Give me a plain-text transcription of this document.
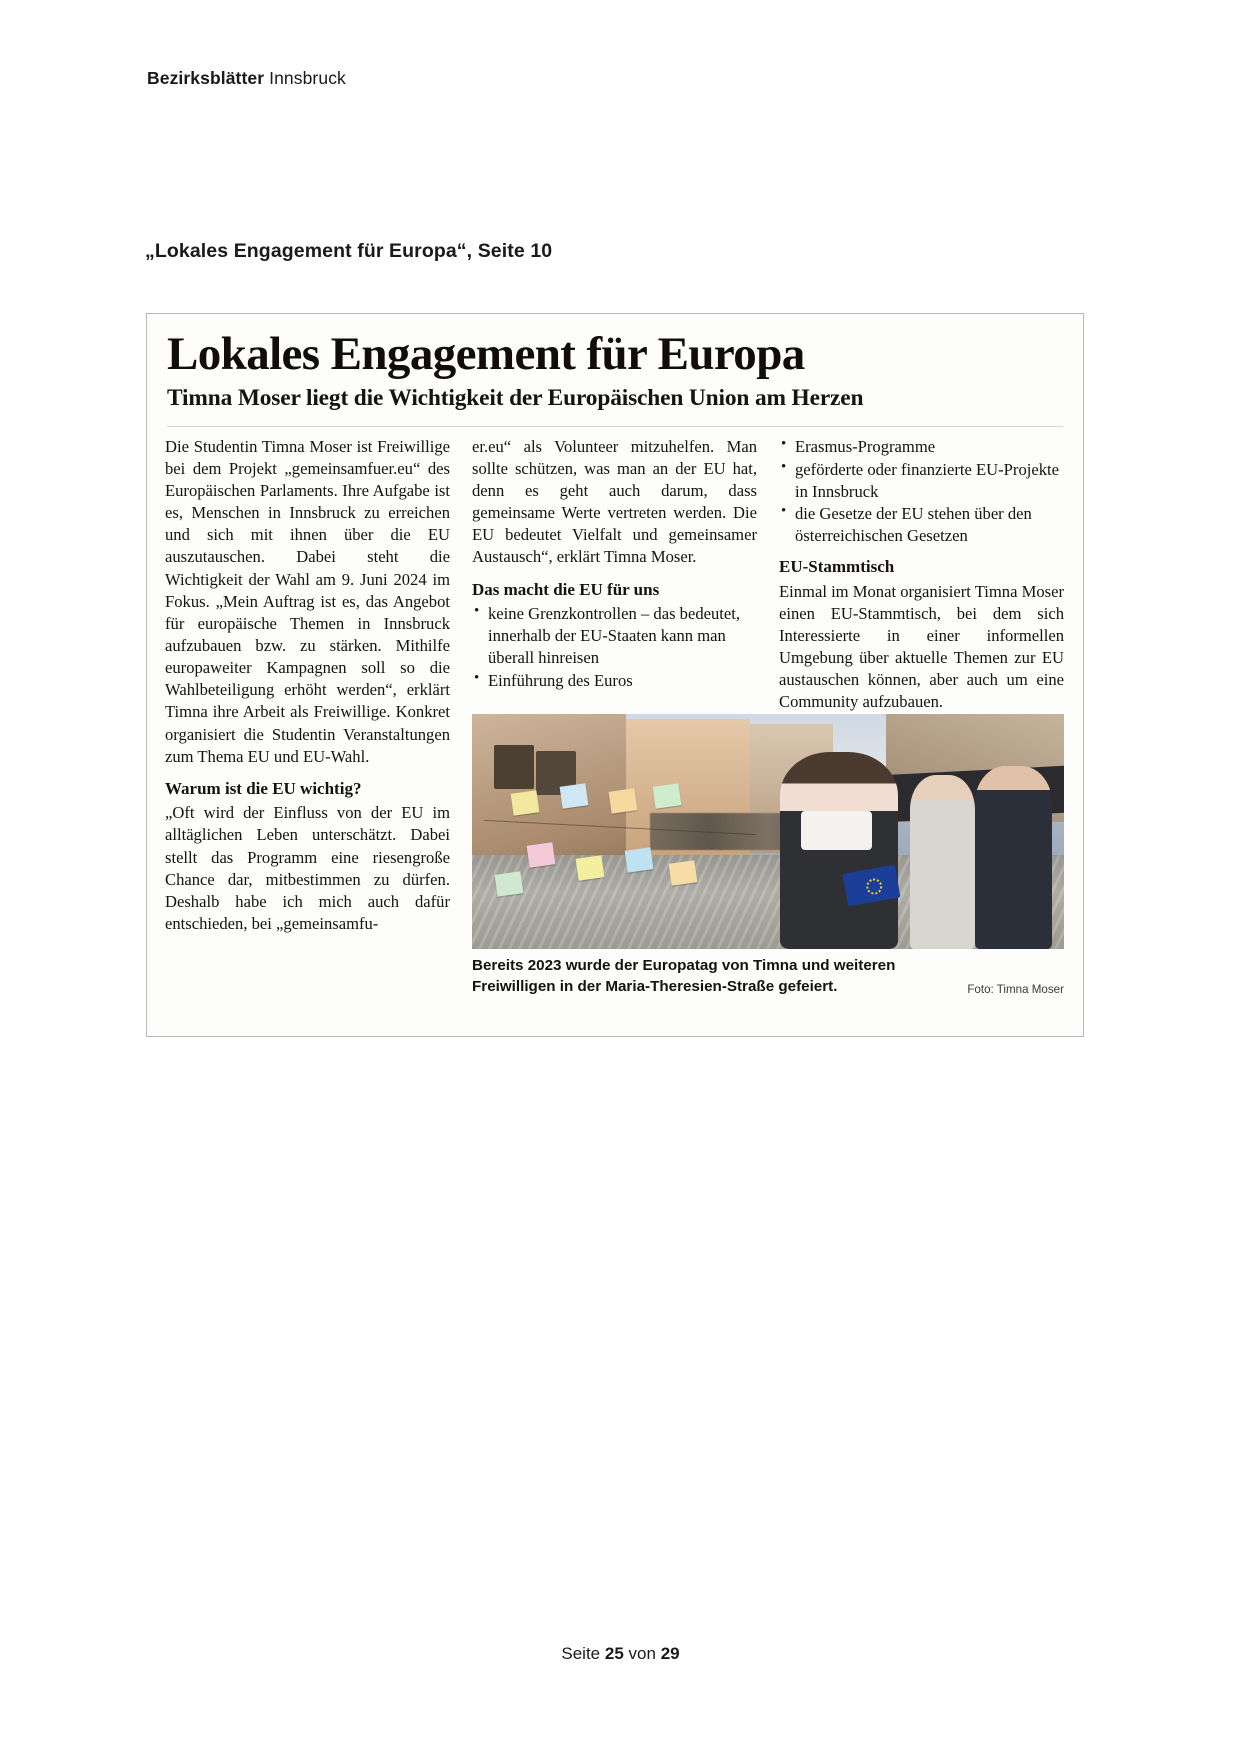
Bezirksblätter Innsbruck
„Lokales Engagement für Europa“, Seite 10
Lokales Engagement für Europa
Timna Moser liegt die Wichtigkeit der Europäischen Union am Herzen

Die Studentin Timna Moser ist Freiwillige bei dem Projekt „gemeinsamfuer.eu“ des Europäischen Parlaments. Ihre Aufgabe ist es, Menschen in Innsbruck zu erreichen und sich mit ihnen über die EU auszutauschen. Dabei steht die Wichtigkeit der Wahl am 9. Juni 2024 im Fokus. „Mein Auftrag ist es, das Angebot für europäische Themen in Innsbruck aufzubauen bzw. zu stärken. Mithilfe europaweiter Kampagnen soll so die Wahlbeteiligung erhöht werden“, erklärt Timna ihre Arbeit als Freiwillige. Konkret organisiert die Studentin Veranstaltungen zum Thema EU und EU-Wahl.

Warum ist die EU wichtig?

„Oft wird der Einfluss von der EU im alltäglichen Leben unterschätzt. Dabei stellt das Programm eine riesengroße Chance dar, mitbestimmen zu dürfen. Deshalb habe ich mich auch dafür entschieden, bei „gemeinsamfu-

er.eu“ als Volunteer mitzuhelfen. Man sollte schützen, was man an der EU hat, denn es geht auch darum, dass gemeinsame Werte vertreten werden. Die EU bedeutet Vielfalt und gemeinsamer Austausch“, erklärt Timna Moser.

Das macht die EU für uns
• keine Grenzkontrollen – das bedeutet, innerhalb der EU-Staaten kann man überall hinreisen
• Einführung des Euros
• Erasmus-Programme
• geförderte oder finanzierte EU-Projekte in Innsbruck
• die Gesetze der EU stehen über den österreichischen Gesetzen
EU-Stammtisch

Einmal im Monat organisiert Timna Moser einen EU-Stammtisch, bei dem sich Interessierte in einer informellen Umgebung über aktuelle Themen zur EU austauschen können, aber auch um eine Community aufzubauen.

Bereits 2023 wurde der Europatag von Timna und weiteren Freiwilligen in der Maria-Theresien-Straße gefeiert.	Foto: Timna Moser
Seite 25 von 29
